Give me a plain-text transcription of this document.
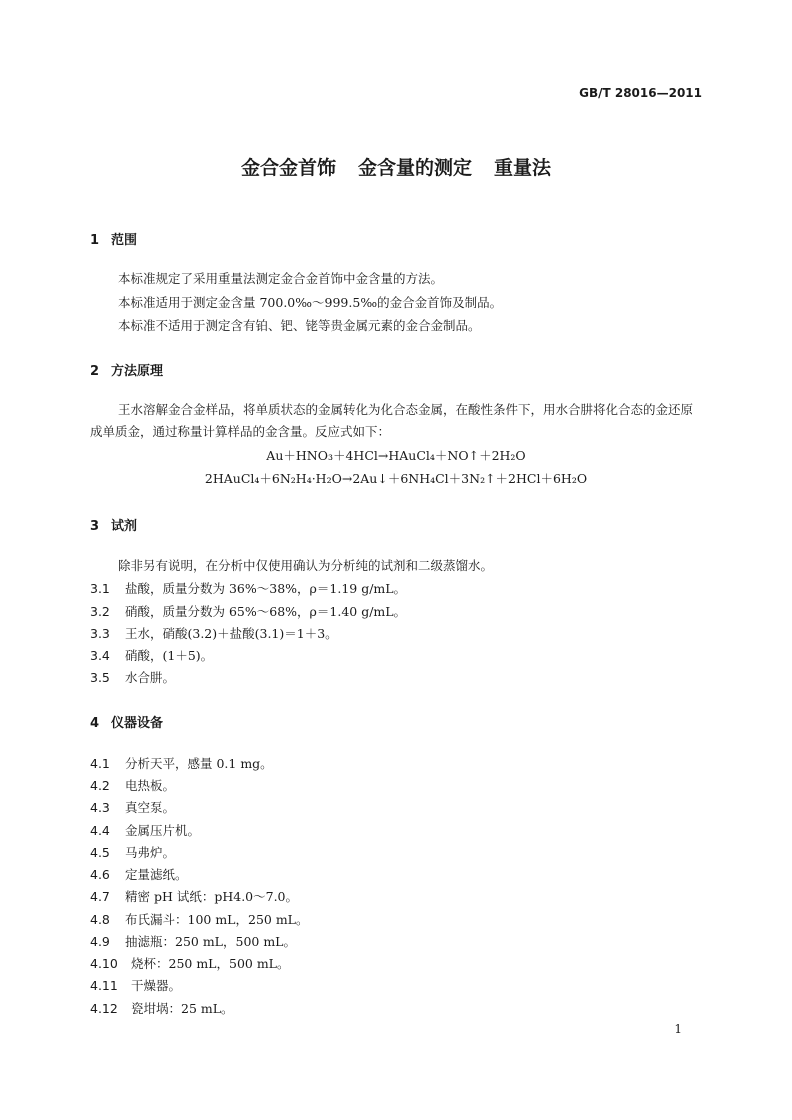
GB/T 28016—2011
金合金首饰 金含量的测定 重量法
1 范围
本标准规定了采用重量法测定金合金首饰中金含量的方法。
本标准适用于测定金含量 700.0‰～999.5‰的金合金首饰及制品。
本标准不适用于测定含有铂、钯、铑等贵金属元素的金合金制品。
2 方法原理
王水溶解金合金样品，将单质状态的金属转化为化合态金属，在酸性条件下，用水合肼将化合态的金还原成单质金，通过称量计算样品的金含量。反应式如下：
Au＋HNO₃＋4HCl→HAuCl₄＋NO↑＋2H₂O
2HAuCl₄＋6N₂H₄·H₂O→2Au↓＋6NH₄Cl＋3N₂↑＋2HCl＋6H₂O
3 试剂
除非另有说明，在分析中仅使用确认为分析纯的试剂和二级蒸馏水。
3.1 盐酸，质量分数为 36%～38%，ρ＝1.19 g/mL。
3.2 硝酸，质量分数为 65%～68%，ρ＝1.40 g/mL。
3.3 王水，硝酸(3.2)＋盐酸(3.1)＝1＋3。
3.4 硝酸，(1＋5)。
3.5 水合肼。
4 仪器设备
4.1 分析天平，感量 0.1 mg。
4.2 电热板。
4.3 真空泵。
4.4 金属压片机。
4.5 马弗炉。
4.6 定量滤纸。
4.7 精密 pH 试纸：pH4.0～7.0。
4.8 布氏漏斗：100 mL，250 mL。
4.9 抽滤瓶：250 mL，500 mL。
4.10 烧杯：250 mL，500 mL。
4.11 干燥器。
4.12 瓷坩埚：25 mL。
1
